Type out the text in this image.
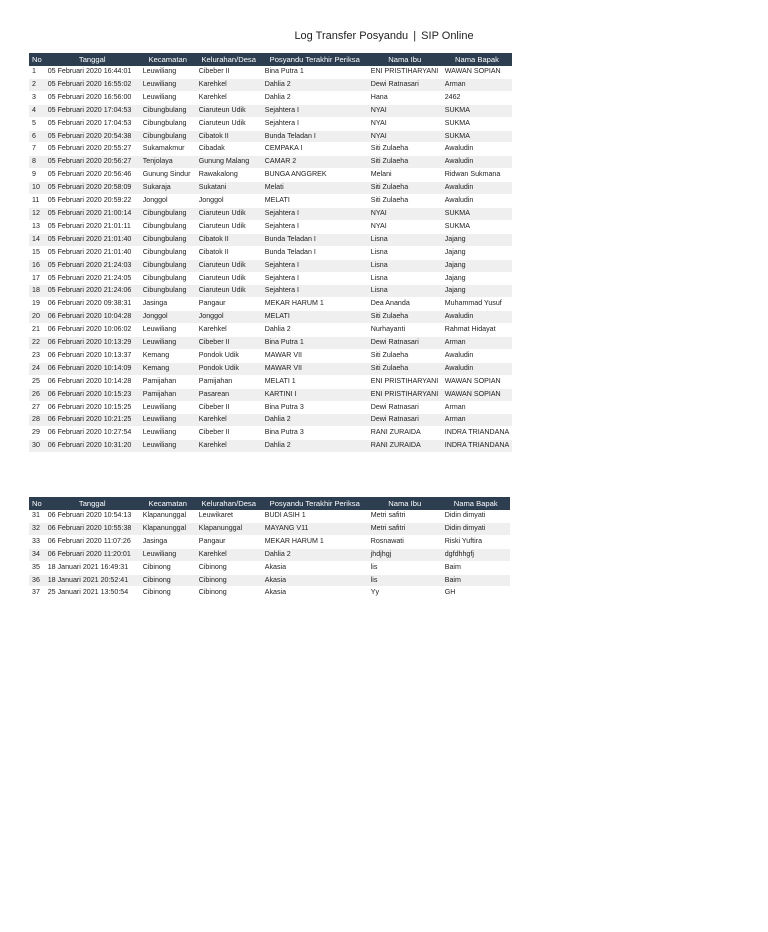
Log Transfer Posyandu | SIP Online
No	Tanggal	Kecamatan	Kelurahan/Desa	Posyandu Terakhir Periksa	Nama Ibu	Nama Bapak
1	05 Februari 2020 16:44:01	Leuwiliang	Cibeber II	Bina Putra 1	ENI PRISTIHARYANI	WAWAN SOPIAN
2	05 Februari 2020 16:55:02	Leuwiliang	Karehkel	Dahlia 2	Dewi Ratnasari	Arman
3	05 Februari 2020 16:56:00	Leuwiliang	Karehkel	Dahlia 2	Hana	2462
4	05 Februari 2020 17:04:53	Cibungbulang	Ciaruteun Udik	Sejahtera I	NYAI	SUKMA
5	05 Februari 2020 17:04:53	Cibungbulang	Ciaruteun Udik	Sejahtera I	NYAI	SUKMA
6	05 Februari 2020 20:54:38	Cibungbulang	Cibatok II	Bunda Teladan I	NYAI	SUKMA
7	05 Februari 2020 20:55:27	Sukamakmur	Cibadak	CEMPAKA I	Siti Zulaeha	Awaludin
8	05 Februari 2020 20:56:27	Tenjolaya	Gunung Malang	CAMAR 2	Siti Zulaeha	Awaludin
9	05 Februari 2020 20:56:46	Gunung Sindur	Rawakalong	BUNGA ANGGREK	Melani	Ridwan Sukmana
10	05 Februari 2020 20:58:09	Sukaraja	Sukatani	Melati	Siti Zulaeha	Awaludin
11	05 Februari 2020 20:59:22	Jonggol	Jonggol	MELATI	Siti Zulaeha	Awaludin
12	05 Februari 2020 21:00:14	Cibungbulang	Ciaruteun Udik	Sejahtera I	NYAI	SUKMA
13	05 Februari 2020 21:01:11	Cibungbulang	Ciaruteun Udik	Sejahtera I	NYAI	SUKMA
14	05 Februari 2020 21:01:40	Cibungbulang	Cibatok II	Bunda Teladan I	Lisna	Jajang
15	05 Februari 2020 21:01:40	Cibungbulang	Cibatok II	Bunda Teladan I	Lisna	Jajang
16	05 Februari 2020 21:24:03	Cibungbulang	Ciaruteun Udik	Sejahtera I	Lisna	Jajang
17	05 Februari 2020 21:24:05	Cibungbulang	Ciaruteun Udik	Sejahtera I	Lisna	Jajang
18	05 Februari 2020 21:24:06	Cibungbulang	Ciaruteun Udik	Sejahtera I	Lisna	Jajang
19	06 Februari 2020 09:38:31	Jasinga	Pangaur	MEKAR HARUM 1	Dea Ananda	Muhammad Yusuf
20	06 Februari 2020 10:04:28	Jonggol	Jonggol	MELATI	Siti Zulaeha	Awaludin
21	06 Februari 2020 10:06:02	Leuwiliang	Karehkel	Dahlia 2	Nurhayanti	Rahmat Hidayat
22	06 Februari 2020 10:13:29	Leuwiliang	Cibeber II	Bina Putra 1	Dewi Ratnasari	Arman
23	06 Februari 2020 10:13:37	Kemang	Pondok Udik	MAWAR VII	Siti Zulaeha	Awaludin
24	06 Februari 2020 10:14:09	Kemang	Pondok Udik	MAWAR VII	Siti Zulaeha	Awaludin
25	06 Februari 2020 10:14:28	Pamijahan	Pamijahan	MELATI 1	ENI PRISTIHARYANI	WAWAN SOPIAN
26	06 Februari 2020 10:15:23	Pamijahan	Pasarean	KARTINI I	ENI PRISTIHARYANI	WAWAN SOPIAN
27	06 Februari 2020 10:15:25	Leuwiliang	Cibeber II	Bina Putra 3	Dewi Ratnasari	Arman
28	06 Februari 2020 10:21:25	Leuwiliang	Karehkel	Dahlia 2	Dewi Ratnasari	Arman
29	06 Februari 2020 10:27:54	Leuwiliang	Cibeber II	Bina Putra 3	RANI ZURAIDA	INDRA TRIANDANA
30	06 Februari 2020 10:31:20	Leuwiliang	Karehkel	Dahlia 2	RANI ZURAIDA	INDRA TRIANDANA
No	Tanggal	Kecamatan	Kelurahan/Desa	Posyandu Terakhir Periksa	Nama Ibu	Nama Bapak
31	06 Februari 2020 10:54:13	Klapanunggal	Leuwikaret	BUDI ASIH 1	Metri safitri	Didin dimyati
32	06 Februari 2020 10:55:38	Klapanunggal	Klapanunggal	MAYANG V11	Metri safitri	Didin dimyati
33	06 Februari 2020 11:07:26	Jasinga	Pangaur	MEKAR HARUM 1	Rosnawati	Riski Yuftira
34	06 Februari 2020 11:20:01	Leuwiliang	Karehkel	Dahlia 2	jhdjhgj	dgfdhhgfj
35	18 Januari 2021 16:49:31	Cibinong	Cibinong	Akasia	lis	Baim
36	18 Januari 2021 20:52:41	Cibinong	Cibinong	Akasia	lis	Baim
37	25 Januari 2021 13:50:54	Cibinong	Cibinong	Akasia	Yy	GH
